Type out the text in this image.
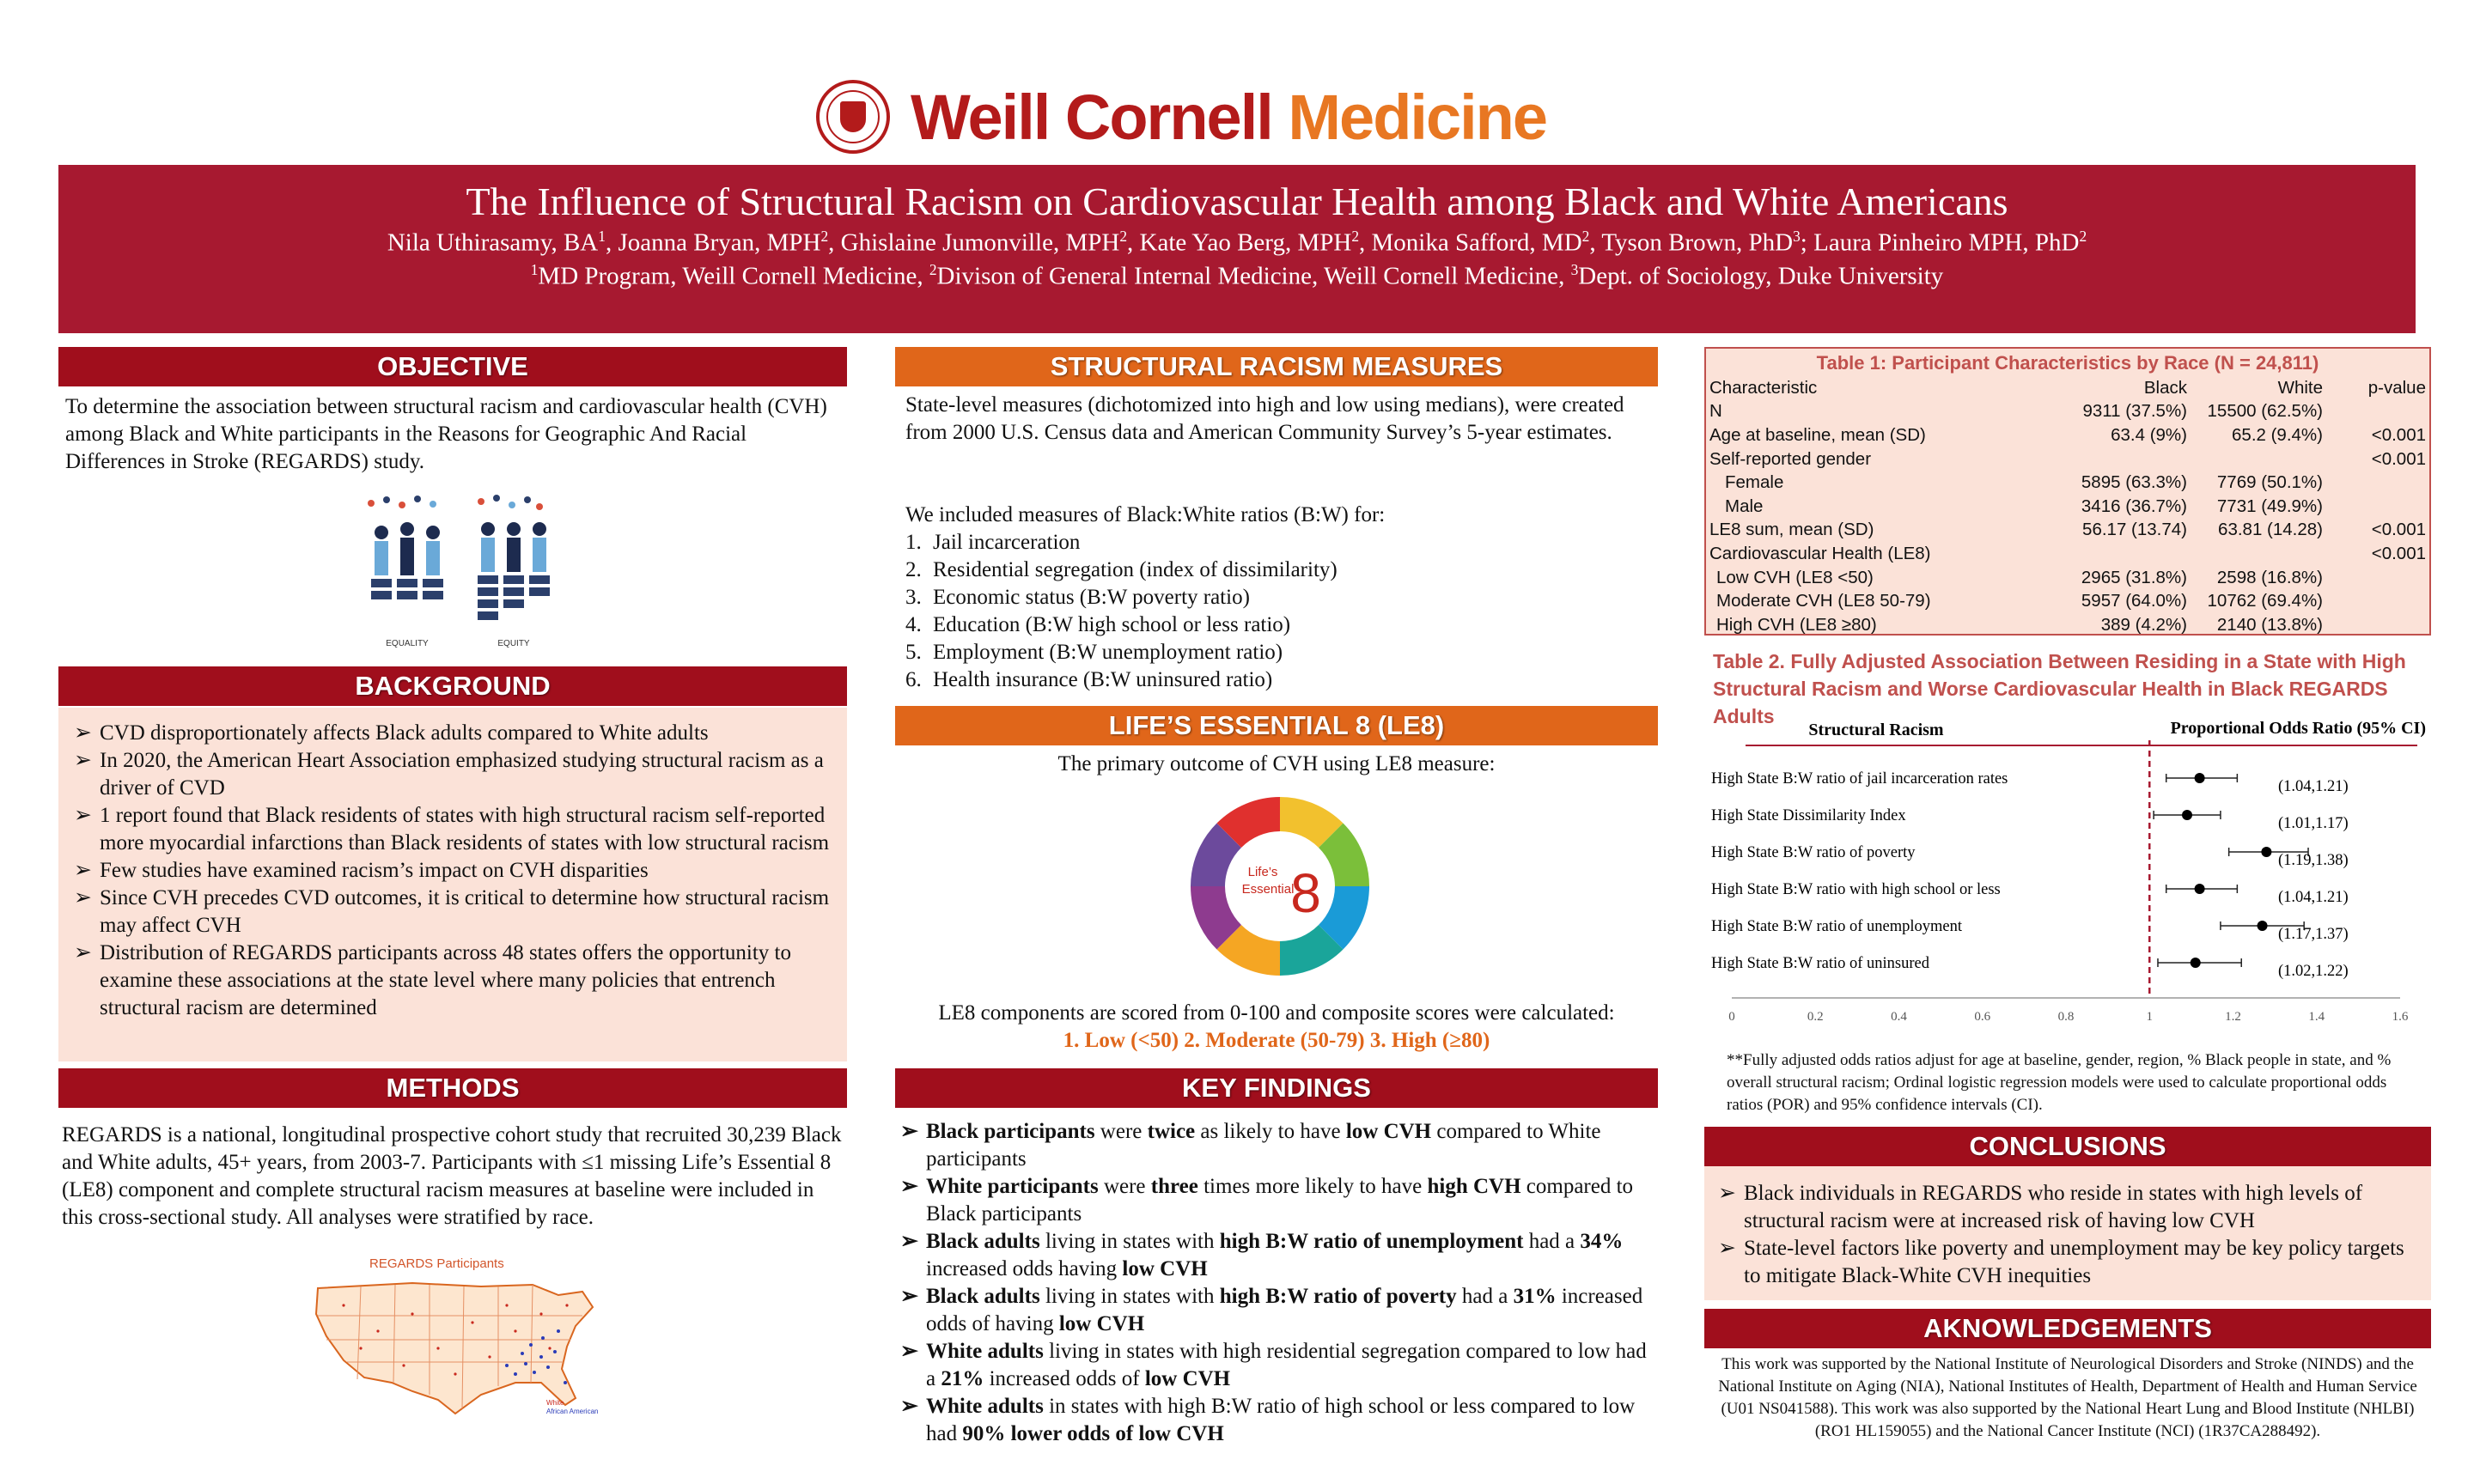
Weill Cornell Medicine
The Influence of Structural Racism on Cardiovascular Health among Black and White Americans
Nila Uthirasamy, $BA^1$, Joanna Bryan, MPH$^2$, Ghislaine Jumonville, MPH$^2$, Kate Yao Berg, MPH$^2$, Monika Safford, $MD^2$, Tyson Brown, PhD$^3$; Laura Pinheiro MPH, PhD$^2$
$^1$MD Program, Weill Cornell Medicine, $^2$Divison of General Internal Medicine, Weill Cornell Medicine, $^3$Dept. of Sociology, Duke University
OBJECTIVE
To determine the association between structural racism and cardiovascular health (CVH) among Black and White participants in the Reasons for Geographic And Racial Differences in Stroke (REGARDS) study.
EQUALITY	EQUITY
BACKGROUND
➢ CVD disproportionately affects Black adults compared to White adults
➢ In 2020, the American Heart Association emphasized studying structural racism as a driver of CVD
➢ 1 report found that Black residents of states with high structural racism self-reported more myocardial infarctions than Black residents of states with low structural racism
➢ Few studies have examined racism’s impact on CVH disparities
➢ Since CVH precedes CVD outcomes, it is critical to determine how structural racism may affect CVH
➢ Distribution of REGARDS participants across 48 states offers the opportunity to examine these associations at the state level where many policies that entrench structural racism are determined
METHODS
REGARDS is a national, longitudinal prospective cohort study that recruited 30,239 Black and White adults, 45+ years, from 2003-7. Participants with ≤1 missing Life’s Essential 8 (LE8) component and complete structural racism measures at baseline were included in this cross-sectional study. All analyses were stratified by race.
REGARDS Participants
White
African American
STRUCTURAL RACISM MEASURES
State-level measures (dichotomized into high and low using medians), were created from 2000 U.S. Census data and American Community Survey’s 5-year estimates.
We included measures of Black:White ratios (B:W) for:
1. Jail incarceration
2. Residential segregation (index of dissimilarity)
3. Economic status (B:W poverty ratio)
4. Education (B:W high school or less ratio)
5. Employment (B:W unemployment ratio)
6. Health insurance (B:W uninsured ratio)
LIFE’S ESSENTIAL 8 (LE8)
The primary outcome of CVH using LE8 measure:
Life’s
Essential
8
LE8 components are scored from 0-100 and composite scores were calculated:
1. Low (<50) 2. Moderate (50-79) 3. High (≥80)
KEY FINDINGS
➢ Black participants were twice as likely to have low CVH compared to White participants
➢ White participants were three times more likely to have high CVH compared to Black participants
➢ Black adults living in states with high B:W ratio of unemployment had a 34% increased odds having low CVH
➢ Black adults living in states with high B:W ratio of poverty had a 31% increased odds of having low CVH
➢ White adults living in states with high residential segregation compared to low had a 21% increased odds of low CVH
➢ White adults in states with high B:W ratio of high school or less compared to low had 90% lower odds of low CVH
Table 1: Participant Characteristics by Race (N = 24,811)
Characteristic	Black	White	p-value
N	9311 (37.5%)	15500 (62.5%)	
Age at baseline, mean (SD)	63.4 (9%)	65.2 (9.4%)	<0.001
Self-reported gender			<0.001
Female	5895 (63.3%)	7769 (50.1%)	
Male	3416 (36.7%)	7731 (49.9%)	
LE8 sum, mean (SD)	56.17 (13.74)	63.81 (14.28)	<0.001
Cardiovascular Health (LE8)			<0.001
Low CVH (LE8 <50)	2965 (31.8%)	2598 (16.8%)	
Moderate CVH (LE8 50-79)	5957 (64.0%)	10762 (69.4%)	
High CVH (LE8 ≥80)	389 (4.2%)	2140 (13.8%)	
Table 2. Fully Adjusted Association Between Residing in a State with High Structural Racism and Worse Cardiovascular Health in Black REGARDS Adults
Structural Racism	Proportional Odds Ratio (95% CI)
0	0.2	0.4	0.6	0.8	1	1.2	1.4	1.6
High State B:W ratio of jail incarceration rates	(1.04,1.21)
High State Dissimilarity Index	(1.01,1.17)
High State B:W ratio of poverty	(1.19,1.38)
High State B:W ratio with high school or less	(1.04,1.21)
High State B:W ratio of unemployment	(1.17,1.37)
High State B:W ratio of uninsured	(1.02,1.22)
**Fully adjusted odds ratios adjust for age at baseline, gender, region, % Black people in state, and % overall structural racism; Ordinal logistic regression models were used to calculate proportional odds ratios (POR) and 95% confidence intervals (CI).
CONCLUSIONS
➢ Black individuals in REGARDS who reside in states with high levels of structural racism were at increased risk of having low CVH
➢ State-level factors like poverty and unemployment may be key policy targets to mitigate Black-White CVH inequities
AKNOWLEDGEMENTS
This work was supported by the National Institute of Neurological Disorders and Stroke (NINDS) and the National Institute on Aging (NIA), National Institutes of Health, Department of Health and Human Service (U01 NS041588). This work was also supported by the National Heart Lung and Blood Institute (NHLBI) (RO1 HL159055) and the National Cancer Institute (NCI) (1R37CA288492).
